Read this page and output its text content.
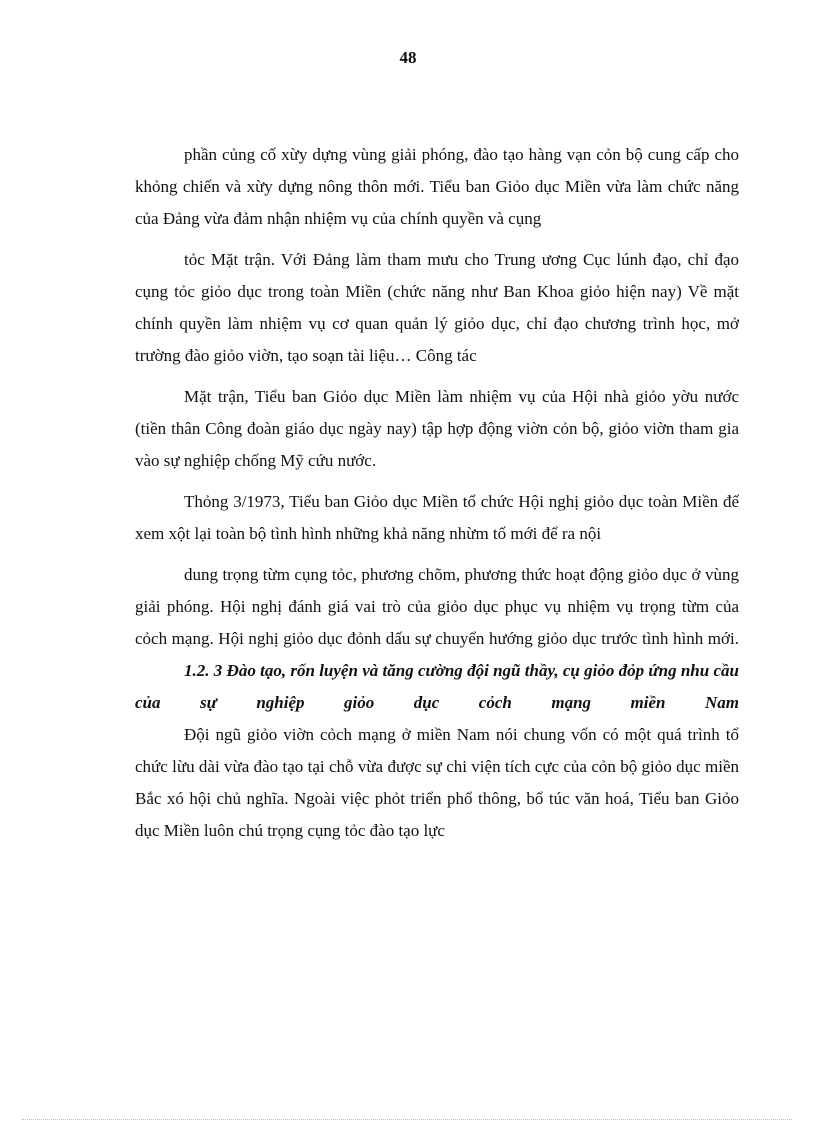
48

phần củng cố xừy dựng vùng giải phóng, đào tạo hàng vạn cỏn bộ cung cấp cho khỏng chiến và xừy dựng nông thôn mới. Tiểu ban Giỏo dục Miền vừa làm chức năng của Đảng vừa đảm nhận nhiệm vụ của chính quyền và cụng

tỏc Mặt trận. Với Đảng làm tham mưu cho Trung ương Cục lúnh đạo, chỉ đạo cụng tỏc giỏo dục trong toàn Miền (chức năng như Ban Khoa giỏo hiện nay) Về mặt chính quyền làm nhiệm vụ cơ quan quản lý giỏo dục, chỉ đạo chương trình học, mở trường đào giỏo viờn, tạo soạn tài liệu… Công tác

Mặt trận, Tiểu ban Giỏo dục Miền làm nhiệm vụ của Hội nhà giỏo yờu nước (tiền thân Công đoàn giáo dục ngày nay) tập hợp động viờn cỏn bộ, giỏo viờn tham gia vào sự nghiệp chống Mỹ cứu nước.

Thỏng 3/1973, Tiểu ban Giỏo dục Miền tổ chức Hội nghị giỏo dục toàn Miền để xem xột lại toàn bộ tình hình những khả năng nhừm tố mới để ra nội

dung trọng từm cụng tỏc, phương chõm, phương thức hoạt động giỏo dục ở vùng giải phóng. Hội nghị đánh giá vai trò của giỏo dục phục vụ nhiệm vụ trọng từm của cỏch mạng. Hội nghị giỏo dục đỏnh dấu sự chuyển hướng giỏo dục trước tình hình mới.

1.2. 3 Đào tạo, rốn luyện và tăng cường đội ngũ thầy, cụ giỏo đỏp ứng nhu cầu của sự nghiệp giỏo dục cỏch mạng miền Nam

Đội ngũ giỏo viờn cỏch mạng ở miền Nam nói chung vốn có một quá trình tổ chức lừu dài vừa đào tạo tại chỗ vừa được sự chi viện tích cực của cỏn bộ giỏo dục miền Bắc xó hội chủ nghĩa. Ngoài việc phỏt triển phổ thông, bổ túc văn hoá, Tiểu ban Giỏo dục Miền luôn chú trọng cụng tỏc đào tạo lực
